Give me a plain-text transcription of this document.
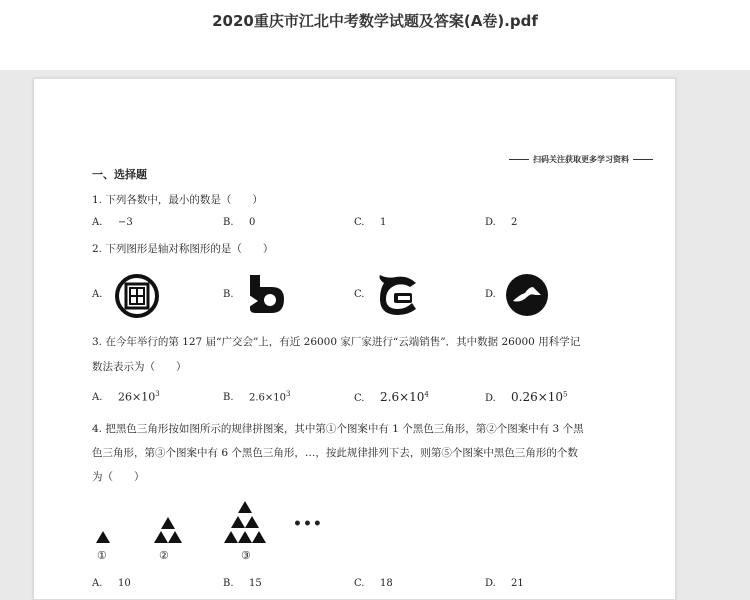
2020重庆市江北中考数学试题及答案(A卷).pdf
扫码关注获取更多学习资料
一、选择题
1. 下列各数中，最小的数是（　　）
A. −3	B. 0	C. 1	D. 2
2. 下列图形是轴对称图形的是（　　）
A.	B.	C.	D.
3. 在今年举行的第 127 届“广交会”上，有近 26000 家厂家进行“云端销售”．其中数据 26000 用科学记
数法表示为（　　）
A. $26\times 10^3$	B. $2.6\times 10^3$	C. $2.6\times 10^4$	D. $0.26\times 10^5$
4. 把黑色三角形按如图所示的规律拼图案，其中第①个图案中有 1 个黑色三角形，第②个图案中有 3 个黑
色三角形，第③个图案中有 6 个黑色三角形，…，按此规律排列下去，则第⑤个图案中黑色三角形的个数
为（　　）
•••
①	②	③
A. 10	B. 15	C. 18	D. 21
